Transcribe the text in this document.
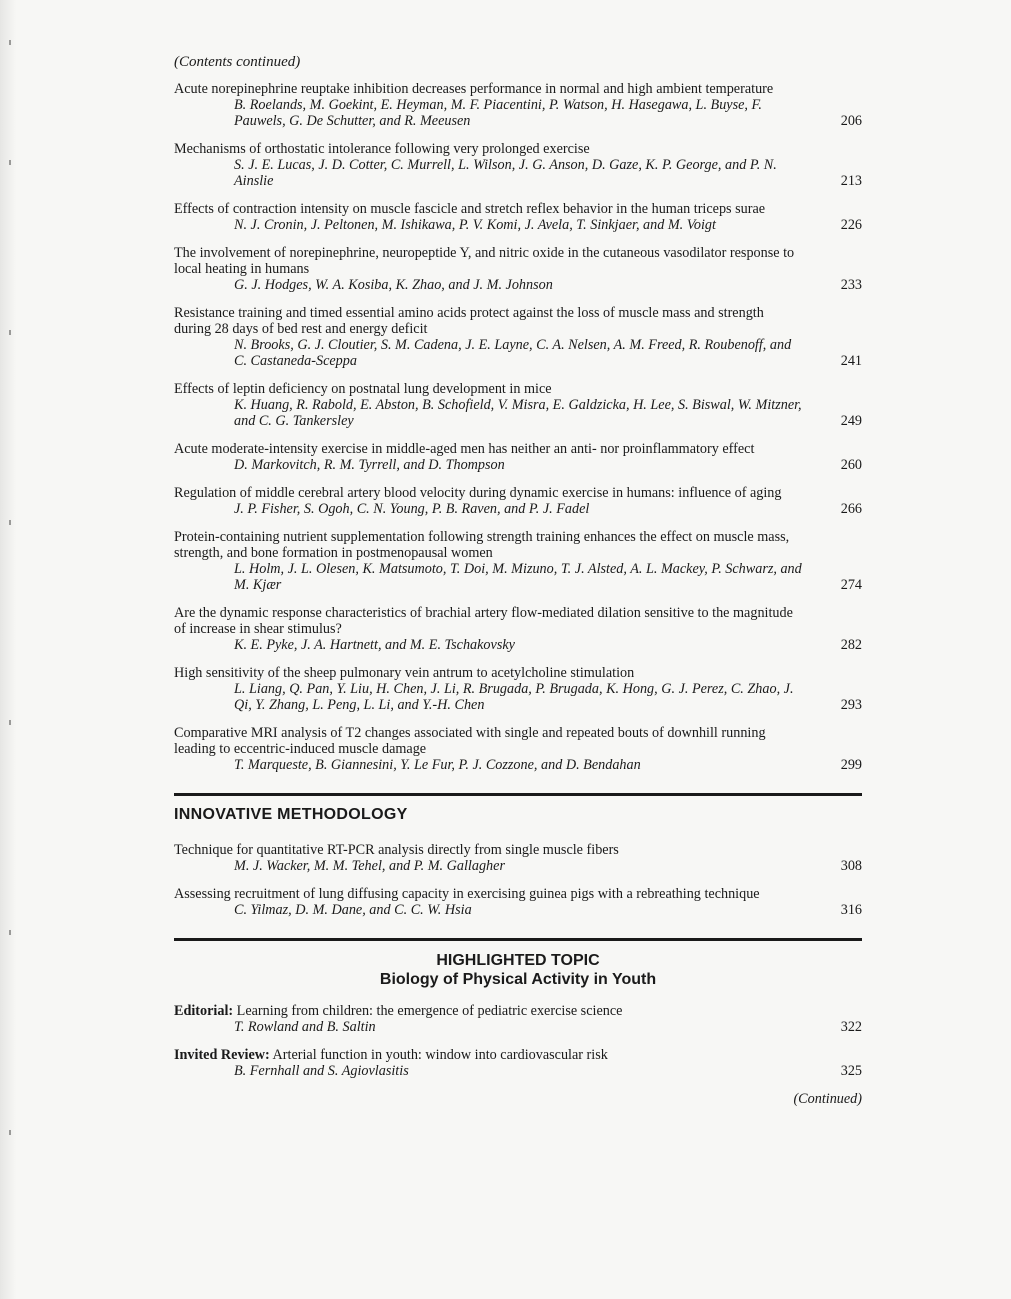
(Contents continued)
Acute norepinephrine reuptake inhibition decreases performance in normal and high ambient temperature
B. Roelands, M. Goekint, E. Heyman, M. F. Piacentini, P. Watson, H. Hasegawa, L. Buyse, F. Pauwels, G. De Schutter, and R. Meeusen	206
Mechanisms of orthostatic intolerance following very prolonged exercise
S. J. E. Lucas, J. D. Cotter, C. Murrell, L. Wilson, J. G. Anson, D. Gaze, K. P. George, and P. N. Ainslie	213
Effects of contraction intensity on muscle fascicle and stretch reflex behavior in the human triceps surae
N. J. Cronin, J. Peltonen, M. Ishikawa, P. V. Komi, J. Avela, T. Sinkjaer, and M. Voigt	226
The involvement of norepinephrine, neuropeptide Y, and nitric oxide in the cutaneous vasodilator response to local heating in humans
G. J. Hodges, W. A. Kosiba, K. Zhao, and J. M. Johnson	233
Resistance training and timed essential amino acids protect against the loss of muscle mass and strength during 28 days of bed rest and energy deficit
N. Brooks, G. J. Cloutier, S. M. Cadena, J. E. Layne, C. A. Nelsen, A. M. Freed, R. Roubenoff, and C. Castaneda-Sceppa	241
Effects of leptin deficiency on postnatal lung development in mice
K. Huang, R. Rabold, E. Abston, B. Schofield, V. Misra, E. Galdzicka, H. Lee, S. Biswal, W. Mitzner, and C. G. Tankersley	249
Acute moderate-intensity exercise in middle-aged men has neither an anti- nor proinflammatory effect
D. Markovitch, R. M. Tyrrell, and D. Thompson	260
Regulation of middle cerebral artery blood velocity during dynamic exercise in humans: influence of aging
J. P. Fisher, S. Ogoh, C. N. Young, P. B. Raven, and P. J. Fadel	266
Protein-containing nutrient supplementation following strength training enhances the effect on muscle mass, strength, and bone formation in postmenopausal women
L. Holm, J. L. Olesen, K. Matsumoto, T. Doi, M. Mizuno, T. J. Alsted, A. L. Mackey, P. Schwarz, and M. Kjær	274
Are the dynamic response characteristics of brachial artery flow-mediated dilation sensitive to the magnitude of increase in shear stimulus?
K. E. Pyke, J. A. Hartnett, and M. E. Tschakovsky	282
High sensitivity of the sheep pulmonary vein antrum to acetylcholine stimulation
L. Liang, Q. Pan, Y. Liu, H. Chen, J. Li, R. Brugada, P. Brugada, K. Hong, G. J. Perez, C. Zhao, J. Qi, Y. Zhang, L. Peng, L. Li, and Y.-H. Chen	293
Comparative MRI analysis of T2 changes associated with single and repeated bouts of downhill running leading to eccentric-induced muscle damage
T. Marqueste, B. Giannesini, Y. Le Fur, P. J. Cozzone, and D. Bendahan	299
INNOVATIVE METHODOLOGY
Technique for quantitative RT-PCR analysis directly from single muscle fibers
M. J. Wacker, M. M. Tehel, and P. M. Gallagher	308
Assessing recruitment of lung diffusing capacity in exercising guinea pigs with a rebreathing technique
C. Yilmaz, D. M. Dane, and C. C. W. Hsia	316
HIGHLIGHTED TOPIC
Biology of Physical Activity in Youth
Editorial: Learning from children: the emergence of pediatric exercise science
T. Rowland and B. Saltin	322
Invited Review: Arterial function in youth: window into cardiovascular risk
B. Fernhall and S. Agiovlasitis	325
(Continued)
